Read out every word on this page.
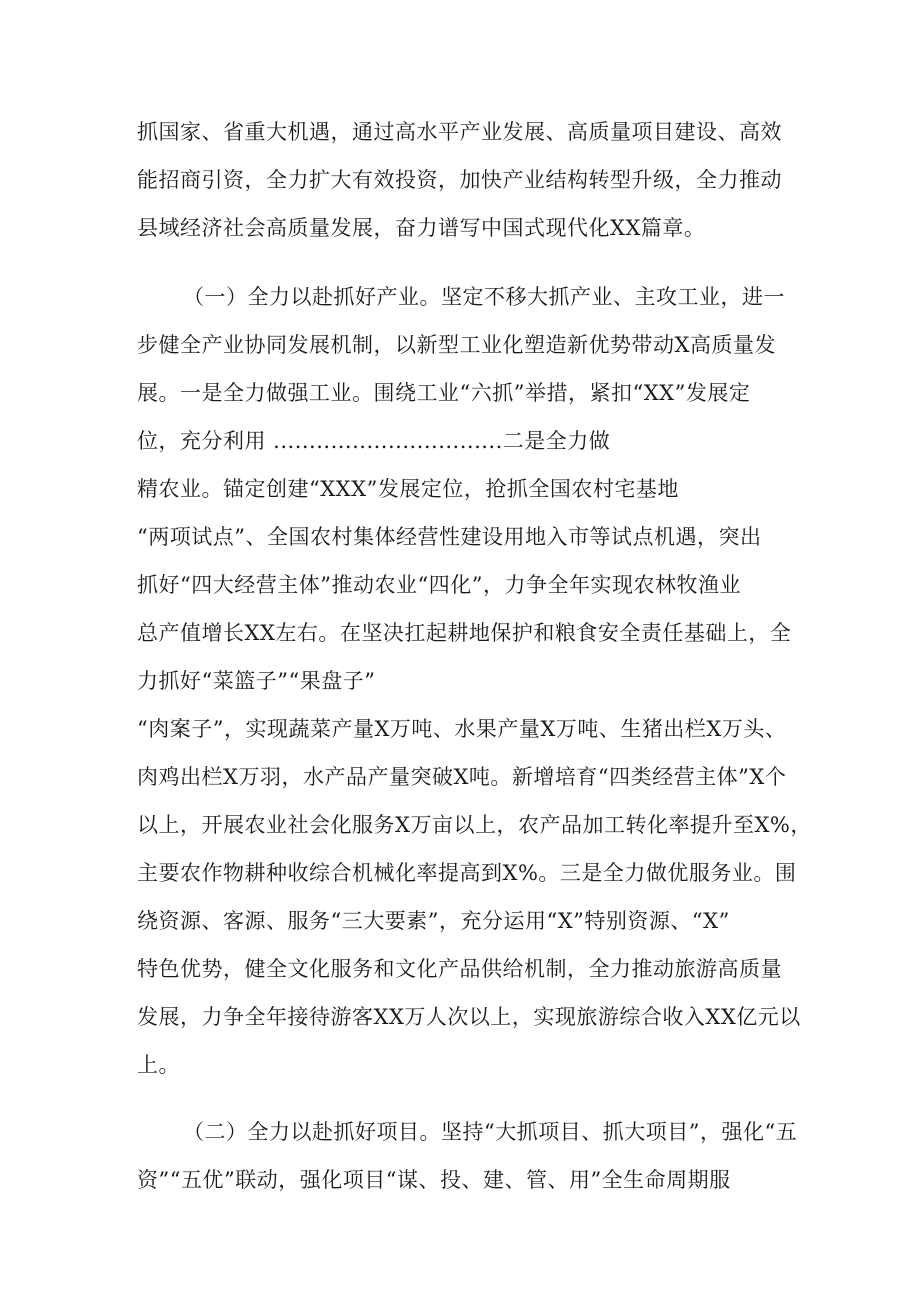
抓国家、省重大机遇，通过高水平产业发展、高质量项目建设、高效
能招商引资，全力扩大有效投资，加快产业结构转型升级，全力推动
县域经济社会高质量发展，奋力谱写中国式现代化XX篇章。
（一）全力以赴抓好产业。坚定不移大抓产业、主攻工业，进一
步健全产业协同发展机制，以新型工业化塑造新优势带动X高质量发
展。一是全力做强工业。围绕工业“六抓”举措，紧扣“XX”发展定
位，充分利用 ................................二是全力做
精农业。锚定创建“XXX”发展定位，抢抓全国农村宅基地
“两项试点”、全国农村集体经营性建设用地入市等试点机遇，突出
抓好“四大经营主体”推动农业“四化”，力争全年实现农林牧渔业
总产值增长XX左右。在坚决扛起耕地保护和粮食安全责任基础上，全
力抓好“菜篮子”“果盘子”
“肉案子”，实现蔬菜产量X万吨、水果产量X万吨、生猪出栏X万头、
肉鸡出栏X万羽，水产品产量突破X吨。新增培育“四类经营主体”X个
以上，开展农业社会化服务X万亩以上，农产品加工转化率提升至X%，
主要农作物耕种收综合机械化率提高到X%。三是全力做优服务业。围
绕资源、客源、服务“三大要素”，充分运用“X”特别资源、“X”
特色优势，健全文化服务和文化产品供给机制，全力推动旅游高质量
发展，力争全年接待游客XX万人次以上，实现旅游综合收入XX亿元以
上。
（二）全力以赴抓好项目。坚持“大抓项目、抓大项目”，强化“五
资”“五优”联动，强化项目“谋、投、建、管、用”全生命周期服
